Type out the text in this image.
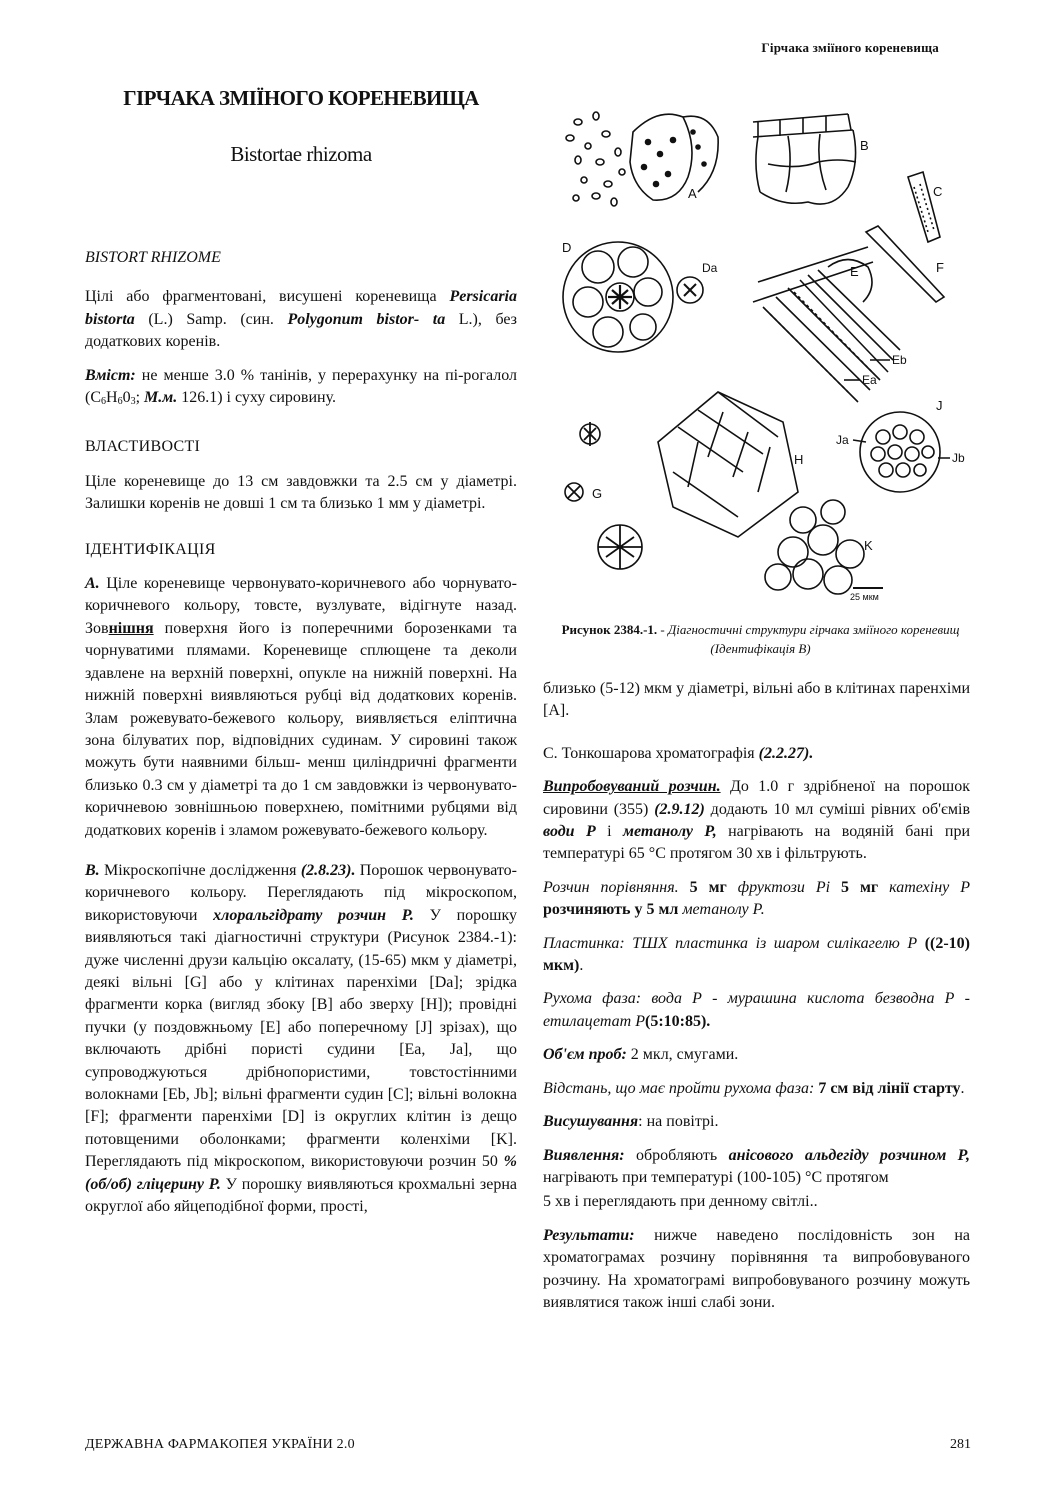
Гірчака зміїного кореневища
ГІРЧАКА ЗМІЇНОГО КОРЕНЕВИЩА
Bistortae rhizoma

BISTORT RHIZOME

Цілі або фрагментовані, висушені кореневища Persicaria bistorta (L.) Samp. (син. Polygonum bistor- ta L.), без додаткових коренів.

Вміст: не менше 3.0 % танінів, у перерахунку на пі-рогалол ($C_6H_60_3$; М.м. 126.1) і суху сировину.

ВЛАСТИВОСТІ

Ціле кореневище до 13 см завдовжки та 2.5 см у діаметрі. Залишки коренів не довші 1 см та близько 1 мм у діаметрі.

ІДЕНТИФІКАЦІЯ

A. Ціле кореневище червонувато-коричневого або чорнувато-коричневого кольору, товсте, вузлувате, відігнуте назад. Зовнішня поверхня його із поперечними борозенками та чорнуватими плямами. Кореневище сплющене та деколи здавлене на верхній поверхні, опукле на нижній поверхні. На нижній поверхні виявляються рубці від додаткових коренів. Злам рожевувато-бежевого кольору, виявляється еліптична зона білуватих пор, відповідних судинам. У сировині також можуть бути наявними більш- менш циліндричні фрагменти близько 0.3 см у діаметрі та до 1 см завдовжки із червонувато-коричневою зовнішньою поверхнею, помітними рубцями від додаткових коренів і зламом рожевувато-бежевого кольору.

B. Мікроскопічне дослідження (2.8.23). Порошок червонувато-коричневого кольору. Переглядають під мікроскопом, використовуючи хлоральгідрату розчин Р. У порошку виявляються такі діагностичні структури (Рисунок 2384.-1): дуже численні друзи кальцію оксалату, (15-65) мкм у діаметрі, деякі вільні [G] або у клітинах паренхіми [Da]; зрідка фрагменти корка (вигляд збоку [B] або зверху [H]); провідні пучки (у поздовжньому [E] або поперечному [J] зрізах), що включають дрібні пористі судини [Ea, Ja], що супроводжуються дрібнопористими, товстостінними волокнами [Eb, Jb]; вільні фрагменти судин [C]; вільні волокна [F]; фрагменти паренхіми [D] із округлих клітин із дещо потовщеними оболонками; фрагменти коленхіми [K]. Переглядають під мікроскопом, використовуючи розчин 50 % (об/об) гліцерину Р. У порошку виявляються крохмальні зерна округлої або яйцеподібної форми, прості,

A
B
C
D
Da	E
Eb
Ea
F
G
H
J
Ja
Jb
K
25 мкм
Рисунок 2384.-1. - Діагностичні структури гірчака зміїного кореневищ (Ідентифікація B)

близько (5-12) мкм у діаметрі, вільні або в клітинах паренхіми [A].

C. Тонкошарова хроматографія (2.2.27).

Випробовуваний розчин. До 1.0 г здрібненої на порошок сировини (355) (2.9.12) додають 10 мл суміші рівних об'ємів води Р і метанолу Р, нагрівають на водяній бані при температурі 65 °С протягом 30 хв і фільтрують.

Розчин порівняння. 5 мг фруктози Рі 5 мг катехіну Р розчиняють у 5 мл метанолу Р.

Пластинка: ТШХ пластинка із шаром силікагелю Р ((2-10) мкм).

Рухома фаза: вода Р - мурашина кислота безводна Р - етилацетат Р(5:10:85).

Об'єм проб: 2 мкл, смугами.

Відстань, що має пройти рухома фаза: 7 см від лінії старту.

Висушування: на повітрі.

Виявлення: обробляють анісового альдегіду розчином Р, нагрівають при температурі (100-105) °С протягом

5 хв і переглядають при денному світлі..

Результати: нижче наведено послідовність зон на хроматограмах розчину порівняння та випробовуваного розчину. На хроматограмі випробовуваного розчину можуть виявлятися також інші слабі зони.

ДЕРЖАВНА ФАРМАКОПЕЯ УКРАЇНИ 2.0	281
